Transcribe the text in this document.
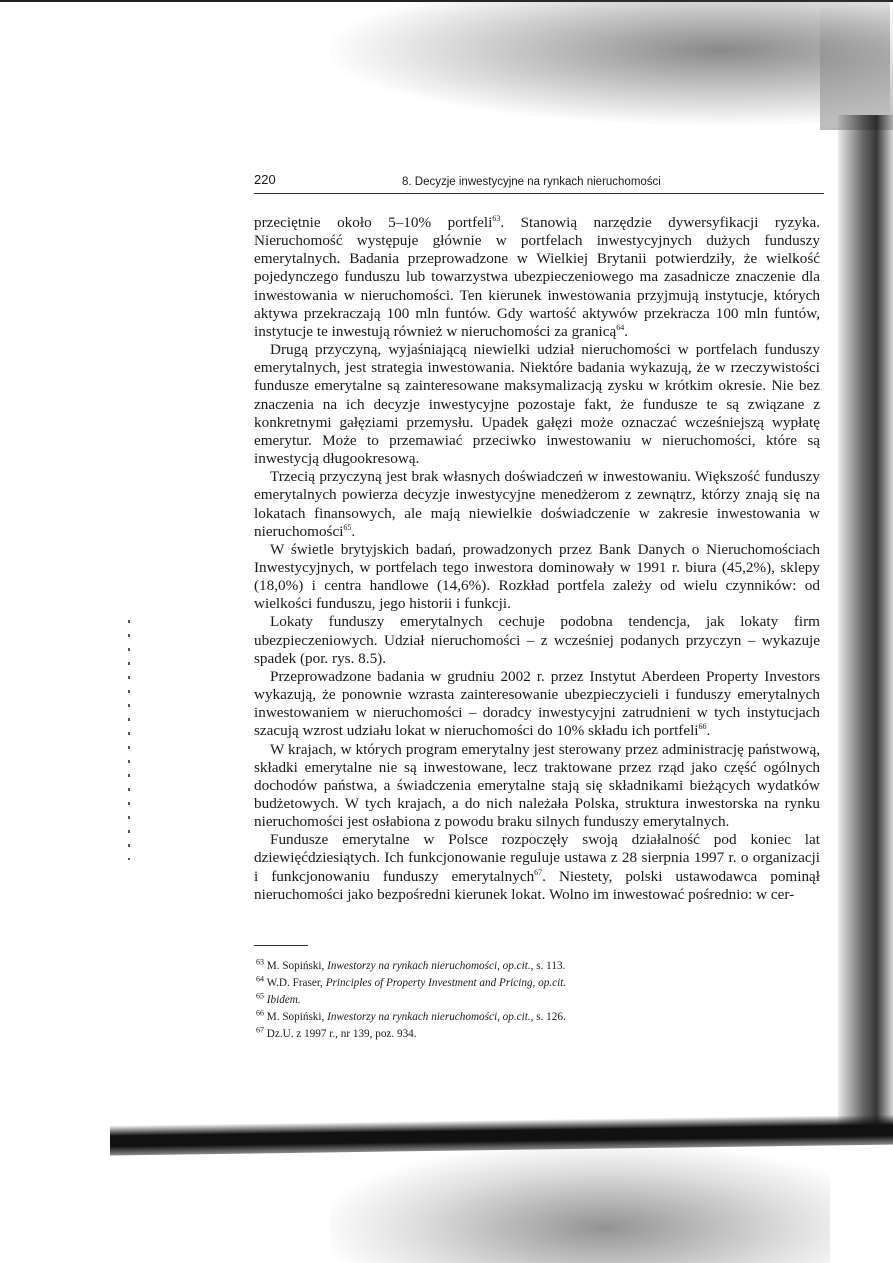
220	8. Decyzje inwestycyjne na rynkach nieruchomości

przeciętnie około 5–10% portfeli$^{63}$. Stanowią narzędzie dywersyfikacji ryzyka. Nieruchomość występuje głównie w portfelach inwestycyjnych dużych funduszy emerytalnych. Badania przeprowadzone w Wielkiej Brytanii potwierdziły, że wielkość pojedynczego funduszu lub towarzystwa ubezpieczeniowego ma zasadnicze znaczenie dla inwestowania w nieruchomości. Ten kierunek inwestowania przyjmują instytucje, których aktywa przekraczają 100 mln funtów. Gdy wartość aktywów przekracza 100 mln funtów, instytucje te inwestują również w nieruchomości za granicą$^{64}$.

Drugą przyczyną, wyjaśniającą niewielki udział nieruchomości w portfelach funduszy emerytalnych, jest strategia inwestowania. Niektóre badania wykazują, że w rzeczywistości fundusze emerytalne są zainteresowane maksymalizacją zysku w krótkim okresie. Nie bez znaczenia na ich decyzje inwestycyjne pozostaje fakt, że fundusze te są związane z konkretnymi gałęziami przemysłu. Upadek gałęzi może oznaczać wcześniejszą wypłatę emerytur. Może to przemawiać przeciwko inwestowaniu w nieruchomości, które są inwestycją długookresową.

Trzecią przyczyną jest brak własnych doświadczeń w inwestowaniu. Większość funduszy emerytalnych powierza decyzje inwestycyjne menedżerom z zewnątrz, którzy znają się na lokatach finansowych, ale mają niewielkie doświadczenie w zakresie inwestowania w nieruchomości$^{65}$.

W świetle brytyjskich badań, prowadzonych przez Bank Danych o Nieruchomościach Inwestycyjnych, w portfelach tego inwestora dominowały w 1991 r. biura (45,2%), sklepy (18,0%) i centra handlowe (14,6%). Rozkład portfela zależy od wielu czynników: od wielkości funduszu, jego historii i funkcji.

Lokaty funduszy emerytalnych cechuje podobna tendencja, jak lokaty firm ubezpieczeniowych. Udział nieruchomości – z wcześniej podanych przyczyn – wykazuje spadek (por. rys. 8.5).

Przeprowadzone badania w grudniu 2002 r. przez Instytut Aberdeen Property Investors wykazują, że ponownie wzrasta zainteresowanie ubezpieczycieli i funduszy emerytalnych inwestowaniem w nieruchomości – doradcy inwestycyjni zatrudnieni w tych instytucjach szacują wzrost udziału lokat w nieruchomości do 10% składu ich portfeli$^{66}$.

W krajach, w których program emerytalny jest sterowany przez administrację państwową, składki emerytalne nie są inwestowane, lecz traktowane przez rząd jako część ogólnych dochodów państwa, a świadczenia emerytalne stają się składnikami bieżących wydatków budżetowych. W tych krajach, a do nich należała Polska, struktura inwestorska na rynku nieruchomości jest osłabiona z powodu braku silnych funduszy emerytalnych.

Fundusze emerytalne w Polsce rozpoczęły swoją działalność pod koniec lat dziewięćdziesiątych. Ich funkcjonowanie reguluje ustawa z 28 sierpnia 1997 r. o organizacji i funkcjonowaniu funduszy emerytalnych$^{67}$. Niestety, polski ustawodawca pominął nieruchomości jako bezpośredni kierunek lokat. Wolno im inwestować pośrednio: w cer-

$^{63}$ M. Sopiński, Inwestorzy na rynkach nieruchomości, op.cit., s. 113.
$^{64}$ W.D. Fraser, Principles of Property Investment and Pricing, op.cit.
$^{65}$ Ibidem.
$^{66}$ M. Sopiński, Inwestorzy na rynkach nieruchomości, op.cit., s. 126.
$^{67}$ Dz.U. z 1997 r., nr 139, poz. 934.
